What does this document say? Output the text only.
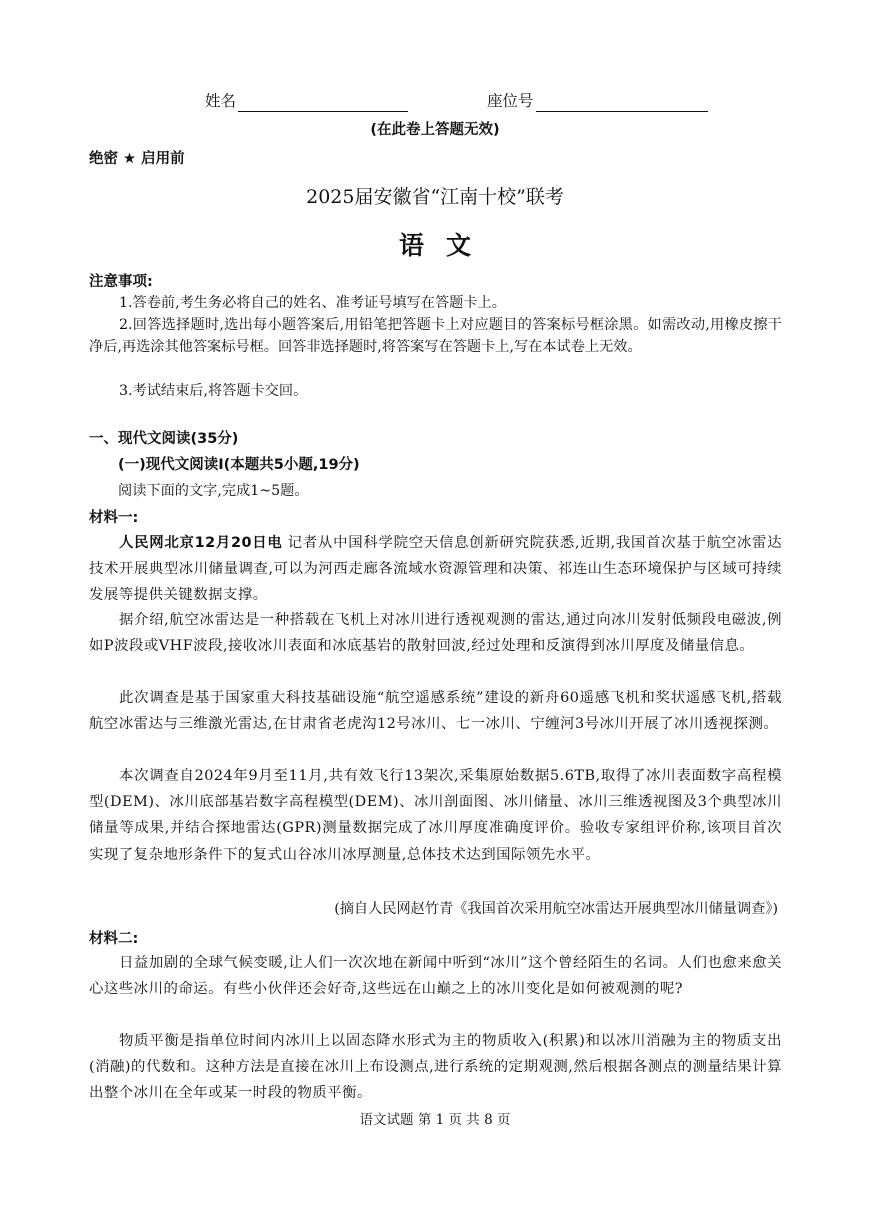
姓名	座位号
(在此卷上答题无效)
绝密 ★ 启用前
2025届安徽省“江南十校”联考
语文
注意事项:

1.答卷前,考生务必将自己的姓名、准考证号填写在答题卡上。

2.回答选择题时,选出每小题答案后,用铅笔把答题卡上对应题目的答案标号框涂黑。如需改动,用橡皮擦干净后,再选涂其他答案标号框。回答非选择题时,将答案写在答题卡上,写在本试卷上无效。

3.考试结束后,将答题卡交回。

一、现代文阅读(35分)
(一)现代文阅读I(本题共5小题,19分)
阅读下面的文字,完成1~5题。
材料一:

人民网北京12月20日电 记者从中国科学院空天信息创新研究院获悉,近期,我国首次基于航空冰雷达技术开展典型冰川储量调查,可以为河西走廊各流域水资源管理和决策、祁连山生态环境保护与区域可持续发展等提供关键数据支撑。

据介绍,航空冰雷达是一种搭载在飞机上对冰川进行透视观测的雷达,通过向冰川发射低频段电磁波,例如P波段或VHF波段,接收冰川表面和冰底基岩的散射回波,经过处理和反演得到冰川厚度及储量信息。

此次调查是基于国家重大科技基础设施“航空遥感系统”建设的新舟60遥感飞机和奖状遥感飞机,搭载航空冰雷达与三维激光雷达,在甘肃省老虎沟12号冰川、七一冰川、宁缠河3号冰川开展了冰川透视探测。

本次调查自2024年9月至11月,共有效飞行13架次,采集原始数据5.6TB,取得了冰川表面数字高程模型(DEM)、冰川底部基岩数字高程模型(DEM)、冰川剖面图、冰川储量、冰川三维透视图及3个典型冰川储量等成果,并结合探地雷达(GPR)测量数据完成了冰川厚度准确度评价。验收专家组评价称,该项目首次实现了复杂地形条件下的复式山谷冰川冰厚测量,总体技术达到国际领先水平。

(摘自人民网赵竹青《我国首次采用航空冰雷达开展典型冰川储量调查》)
材料二:

日益加剧的全球气候变暖,让人们一次次地在新闻中听到“冰川”这个曾经陌生的名词。人们也愈来愈关心这些冰川的命运。有些小伙伴还会好奇,这些远在山巅之上的冰川变化是如何被观测的呢?

物质平衡是指单位时间内冰川上以固态降水形式为主的物质收入(积累)和以冰川消融为主的物质支出(消融)的代数和。这种方法是直接在冰川上布设测点,进行系统的定期观测,然后根据各测点的测量结果计算出整个冰川在全年或某一时段的物质平衡。

语文试题 第 1 页 共 8 页
